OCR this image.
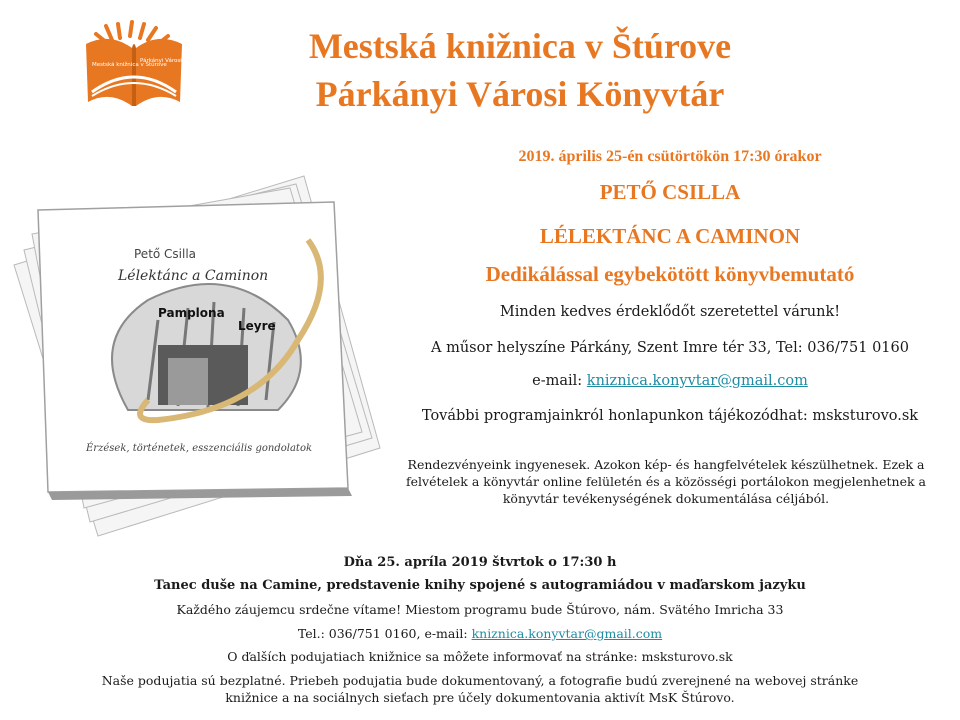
Mestská knižnica v Štúrove
Párkányi Városi Könyvtár	Mestská knižnica v Štúrove
Párkányi Városi Könyvtár
Pető Csilla
Lélektánc a Caminon
Pamplona
Leyre
Érzések, történetek, esszenciális gondolatok
2019. április 25-én csütörtökön 17:30 órakor
PETŐ CSILLA
LÉLEKTÁNC A CAMINON
Dedikálással egybekötött könyvbemutató
Minden kedves érdeklődőt szeretettel várunk!
A műsor helyszíne Párkány, Szent Imre tér 33, Tel: 036/751 0160
e-mail: kniznica.konyvtar@gmail.com
További programjainkról honlapunkon tájékozódhat: msksturovo.sk
Rendezvényeink ingyenesek. Azokon kép- és hangfelvételek készülhetnek. Ezek a felvételek a könyvtár online felületén és a közösségi portálokon megjelenhetnek a könyvtár tevékenységének dokumentálása céljából.
Dňa 25. apríla 2019 štvrtok o 17:30 h
Tanec duše na Camine, predstavenie knihy spojené s autogramiádou v maďarskom jazyku
Každého záujemcu srdečne vítame! Miestom programu bude Štúrovo, nám. Svätého Imricha 33
Tel.: 036/751 0160, e-mail: kniznica.konyvtar@gmail.com
O ďalších podujatiach knižnice sa môžete informovať na stránke: msksturovo.sk
Naše podujatia sú bezplatné. Priebeh podujatia bude dokumentovaný, a fotografie budú zverejnené na webovej stránke knižnice a na sociálnych sieťach pre účely dokumentovania aktivít MsK Štúrovo.
